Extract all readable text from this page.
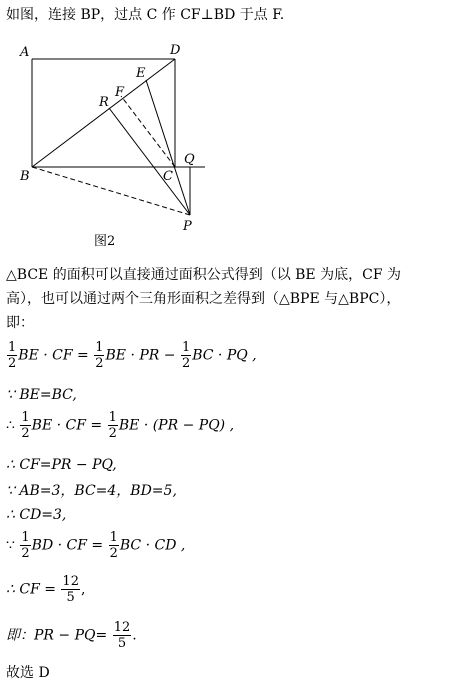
如图，连接 BP，过点 C 作 CF⊥BD 于点 F.
A	D
E
F
R
B	C
Q
P
图2
△BCE 的面积可以直接通过面积公式得到（以 BE 为底，CF 为
高），也可以通过两个三角形面积之差得到（△BPE 与△BPC），
即：
$\frac{1}{2}$ BE · CF = $\frac{1}{2}$ BE · PR − $\frac{1}{2}$ BC · PQ ,
∵ BE=BC,
∴ $\frac{1}{2}$ BE · CF = $\frac{1}{2}$ BE · (PR − PQ) ,
∴ CF=PR − PQ,
∵ AB=3，BC=4，BD=5,
∴ CD=3,
∵ $\frac{1}{2}$ BD · CF = $\frac{1}{2}$ BC · CD ,
∴ CF = $\frac{12}{5}$ ,
即：PR − $PQ= \frac{12}{5}$ .
故选 D
